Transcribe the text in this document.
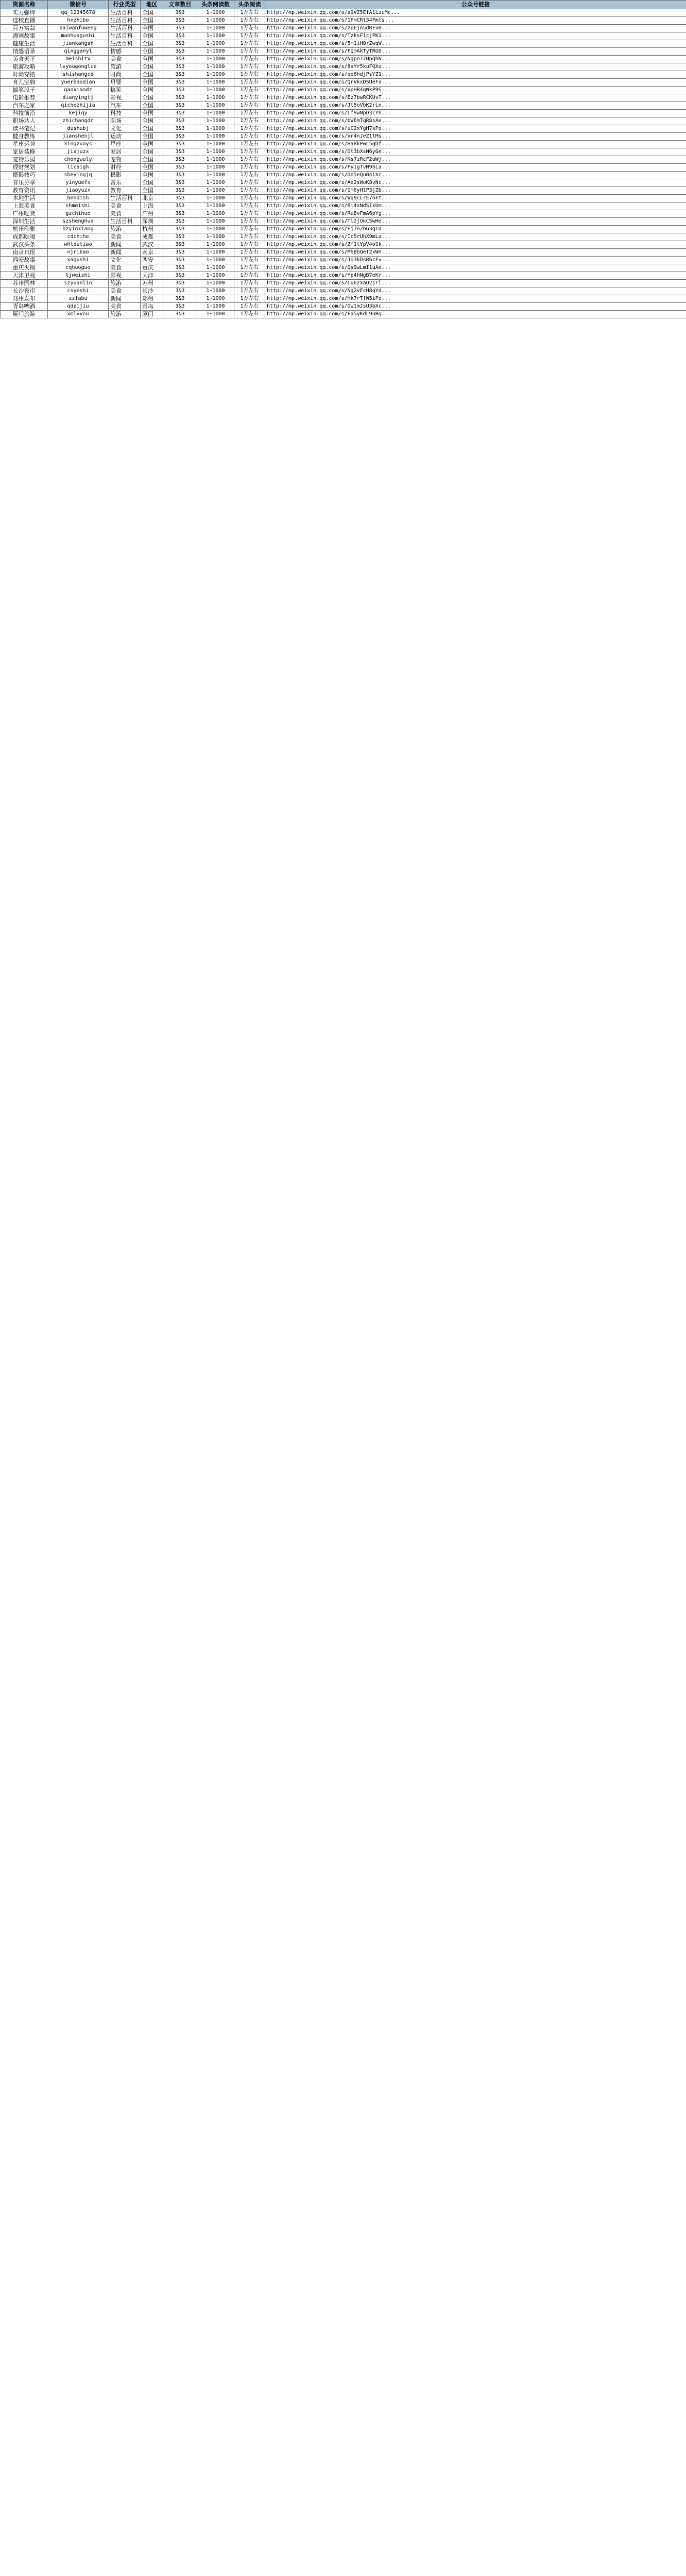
资源名称	微信号	行业类型	地区	文章数目	头条阅读数	头条阅读	公众号链接
实力强悍	qq_12345678	生活百科	全国	3&3	1~1000	1万左右	http://mp.weixin.qq.com/s/a9VZ5EfA1LzuMc...
选校直播	hxzhibo	生活百科	全国	3&3	1~1000	1万左右	http://mp.weixin.qq.com/s/1PmCRt34Fmts...
百万富翁	baiwanfuweng	生活百科	全国	3&3	1~1000	1万左右	http://mp.weixin.qq.com/s/zpEjA5dRFvH...
漫画故事	manhuagushi	生活百科	全国	3&3	1~1000	1万左右	http://mp.weixin.qq.com/s/TzksF1cjPK1...
健康生活	jiankangsh	生活百科	全国	3&3	1~1000	1万左右	http://mp.weixin.qq.com/s/5m1iH8rZwqW...
情感语录	qingganyl	情感	全国	3&3	1~1000	1万左右	http://mp.weixin.qq.com/s/FQmAkTyTRG0...
美食天下	meishitx	美食	全国	3&3	1~1000	1万左右	http://mp.weixin.qq.com/s/NgpnJ7HpQhN...
旅游攻略	lvyougonglue	旅游	全国	3&3	1~1000	1万左右	http://mp.weixin.qq.com/s/8aYr5kuFQXo...
时尚穿搭	shishangcd	时尚	全国	3&3	1~1000	1万左右	http://mp.weixin.qq.com/s/qe6hdjPsYZ1...
育儿宝典	yuerbaodian	母婴	全国	3&3	1~1000	1万左右	http://mp.weixin.qq.com/s/QrVkxDSUeFa...
搞笑段子	gaoxiaodz	搞笑	全国	3&3	1~1000	1万左右	http://mp.weixin.qq.com/s/xpHR4gWkP9S...
电影推荐	dianyingtj	影视	全国	3&3	1~1000	1万左右	http://mp.weixin.qq.com/s/Ez7bwRCKUvT...
汽车之家	qichezhijia	汽车	全国	3&3	1~1000	1万左右	http://mp.weixin.qq.com/s/Jt5oVbK2rLn...
科技前沿	kejiqy	科技	全国	3&3	1~1000	1万左右	http://mp.weixin.qq.com/s/Lf9wNpD3cYh...
职场达人	zhichangdr	职场	全国	3&3	1~1000	1万左右	http://mp.weixin.qq.com/s/bW6mTqR8sAe...
读书笔记	dushubj	文化	全国	3&3	1~1000	1万左右	http://mp.weixin.qq.com/s/uC2xYgH7kPo...
健身教练	jianshenjl	运动	全国	3&3	1~1000	1万左右	http://mp.weixin.qq.com/s/Vr4nJeZ1tMs...
星座运势	xingzuoys	星座	全国	3&3	1~1000	1万左右	http://mp.weixin.qq.com/s/Ha8kPwL5qDf...
家居装修	jiajuzx	家居	全国	3&3	1~1000	1万左右	http://mp.weixin.qq.com/s/Ot3bXsN6yGe...
宠物乐园	chongwuly	宠物	全国	3&3	1~1000	1万左右	http://mp.weixin.qq.com/s/Ks7zRcF2uWj...
理财规划	licaigh	财经	全国	3&3	1~1000	1万左右	http://mp.weixin.qq.com/s/Py1gTvM9hLa...
摄影技巧	sheyingjq	摄影	全国	3&3	1~1000	1万左右	http://mp.weixin.qq.com/s/Dn5eQuB4iXr...
音乐分享	yinyuefx	音乐	全国	3&3	1~1000	1万左右	http://mp.weixin.qq.com/s/Ae2sWoK8vNc...
教育资讯	jiaoyuzx	教育	全国	3&3	1~1000	1万左右	http://mp.weixin.qq.com/s/Gm6yHtP3jZb...
本地生活	bendish	生活百科	北京	3&3	1~1000	1万左右	http://mp.weixin.qq.com/s/Wq9cLrE7oFt...
上海美食	shmeishi	美食	上海	3&3	1~1000	1万左右	http://mp.weixin.qq.com/s/Bi4xNdS1kUm...
广州吃货	gzchihuo	美食	广州	3&3	1~1000	1万左右	http://mp.weixin.qq.com/s/Ru8vFmA6pYg...
深圳生活	szshenghuo	生活百科	深圳	3&3	1~1000	1万左右	http://mp.weixin.qq.com/s/Tl2jOkC5wHe...
杭州印象	hzyinxiang	旅游	杭州	3&3	1~1000	1万左右	http://mp.weixin.qq.com/s/Ej7nZbG3qId...
成都吃喝	cdchihe	美食	成都	3&3	1~1000	1万左右	http://mp.weixin.qq.com/s/Ic5rUhX9mLa...
武汉头条	whtoutiao	新闻	武汉	3&3	1~1000	1万左右	http://mp.weixin.qq.com/s/Zf1tYpV4oSk...
南京日报	njribao	新闻	南京	3&3	1~1000	1万左右	http://mp.weixin.qq.com/s/Mh8bQeT2xWn...
西安故事	xagushi	文化	西安	3&3	1~1000	1万左右	http://mp.weixin.qq.com/s/Jo3kDsR6cFv...
重庆火锅	cqhuoguo	美食	重庆	3&3	1~1000	1万左右	http://mp.weixin.qq.com/s/Qs9wLmI1uAe...
天津卫视	tjweishi	影视	天津	3&3	1~1000	1万左右	http://mp.weixin.qq.com/s/Yp4hNgB7eKr...
苏州园林	szyuanlin	旅游	苏州	3&3	1~1000	1万左右	http://mp.weixin.qq.com/s/Cu6zXaO2jTl...
长沙夜市	csyeshi	美食	长沙	3&3	1~1000	1万左右	http://mp.weixin.qq.com/s/Ng2vEcH8qYd...
郑州发布	zzfabu	新闻	郑州	3&3	1~1000	1万左右	http://mp.weixin.qq.com/s/Hk7rTfW5iPo...
青岛啤酒	qdpijiu	美食	青岛	3&3	1~1000	1万左右	http://mp.weixin.qq.com/s/Ow1mJsU3bXc...
厦门旅游	xmlvyou	旅游	厦门	3&3	1~1000	1万左右	http://mp.weixin.qq.com/s/Fa5yKdL9nRg...
